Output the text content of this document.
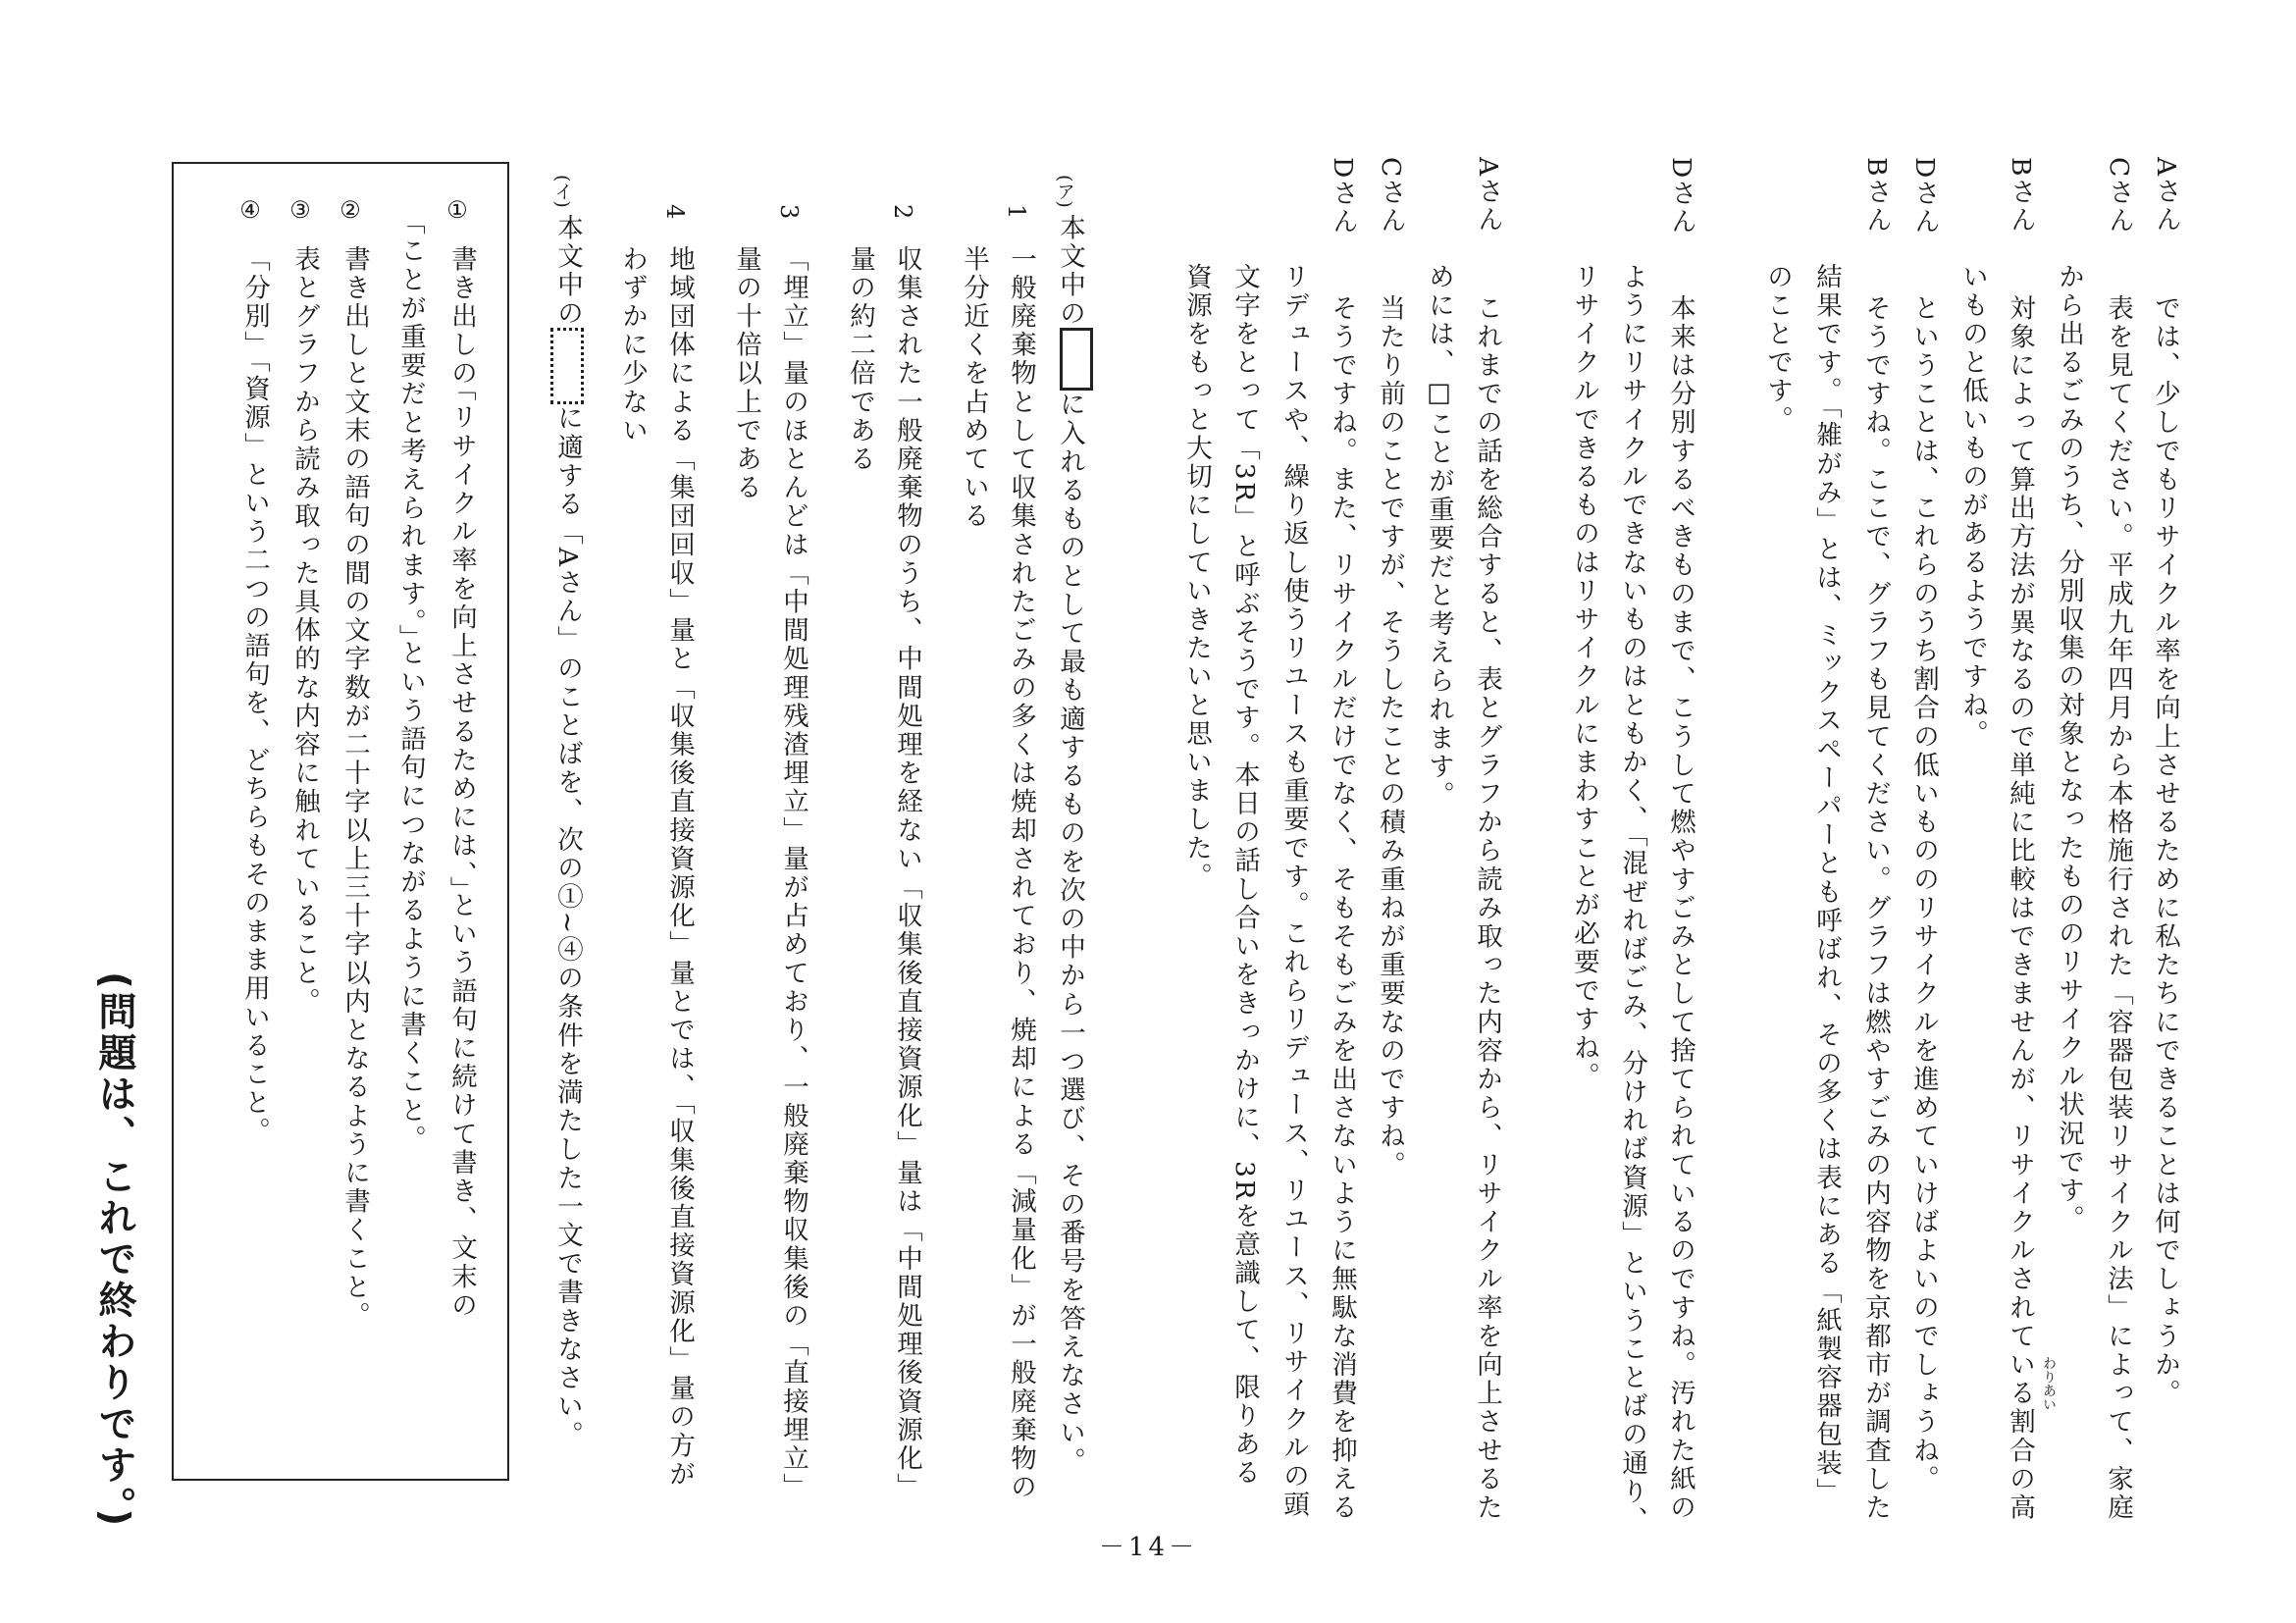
Aさん
では、少しでもリサイクル率を向上させるために私たちにできることは何でしょうか。
Cさん
表を見てください。平成九年四月から本格施行された「容器包装リサイクル法」によって、家庭
から出るごみのうち、分別収集の対象となったもののリサイクル状況です。
Bさん
対象によって算出方法が異なるので単純に比較はできませんが、リサイクルされている割合の高 わりあい
いものと低いものがあるようですね。
Dさん
ということは、これらのうち割合の低いもののリサイクルを進めていけばよいのでしょうね。
Bさん
そうですね。ここで、グラフも見てください。グラフは燃やすごみの内容物を京都市が調査した
結果です。「雑がみ」とは、ミックスペーパーとも呼ばれ、その多くは表にある「紙製容器包装」
のことです。
Dさん
本来は分別するべきものまで、こうして燃やすごみとして捨てられているのですね。汚れた紙の
ようにリサイクルできないものはともかく、「混ぜればごみ、分ければ資源」ということばの通り、
リサイクルできるものはリサイクルにまわすことが必要ですね。
Aさん
これまでの話を総合すると、表とグラフから読み取った内容から、リサイクル率を向上させるた
めには、□ことが重要だと考えられます。
Cさん
当たり前のことですが、そうしたことの積み重ねが重要なのですね。
Dさん
そうですね。また、リサイクルだけでなく、そもそもごみを出さないように無駄な消費を抑える
リデュースや、繰り返し使うリユースも重要です。これらリデュース、リユース、リサイクルの頭
文字をとって「3R」と呼ぶそうです。本日の話し合いをきっかけに、3Rを意識して、限りある
資源をもっと大切にしていきたいと思いました。
(ア)
本文中のに入れるものとして最も適するものを次の中から一つ選び、その番号を答えなさい。
1
一般廃棄物として収集されたごみの多くは焼却されており、焼却による「減量化」が一般廃棄物の
半分近くを占めている
2
収集された一般廃棄物のうち、中間処理を経ない「収集後直接資源化」量は「中間処理後資源化」
量の約二倍である
3
「埋立」量のほとんどは「中間処理残渣埋立」量が占めており、一般廃棄物収集後の「直接埋立」
量の十倍以上である
4
地域団体による「集団回収」量と「収集後直接資源化」量とでは、「収集後直接資源化」量の方が
わずかに少ない
(イ)
本文中のに適する「Aさん」のことばを、次の①~④の条件を満たした一文で書きなさい。
①
書き出しの｢リサイクル率を向上させるためには、｣という語句に続けて書き、文末の
｢ことが重要だと考えられます。｣という語句につながるように書くこと。
②
書き出しと文末の語句の間の文字数が二十字以上三十字以内となるように書くこと。
③
表とグラフから読み取った具体的な内容に触れていること。
④
「分別」「資源」という二つの語句を、どちらもそのまま用いること。
(問題は、これで終わりです。)
－14－
